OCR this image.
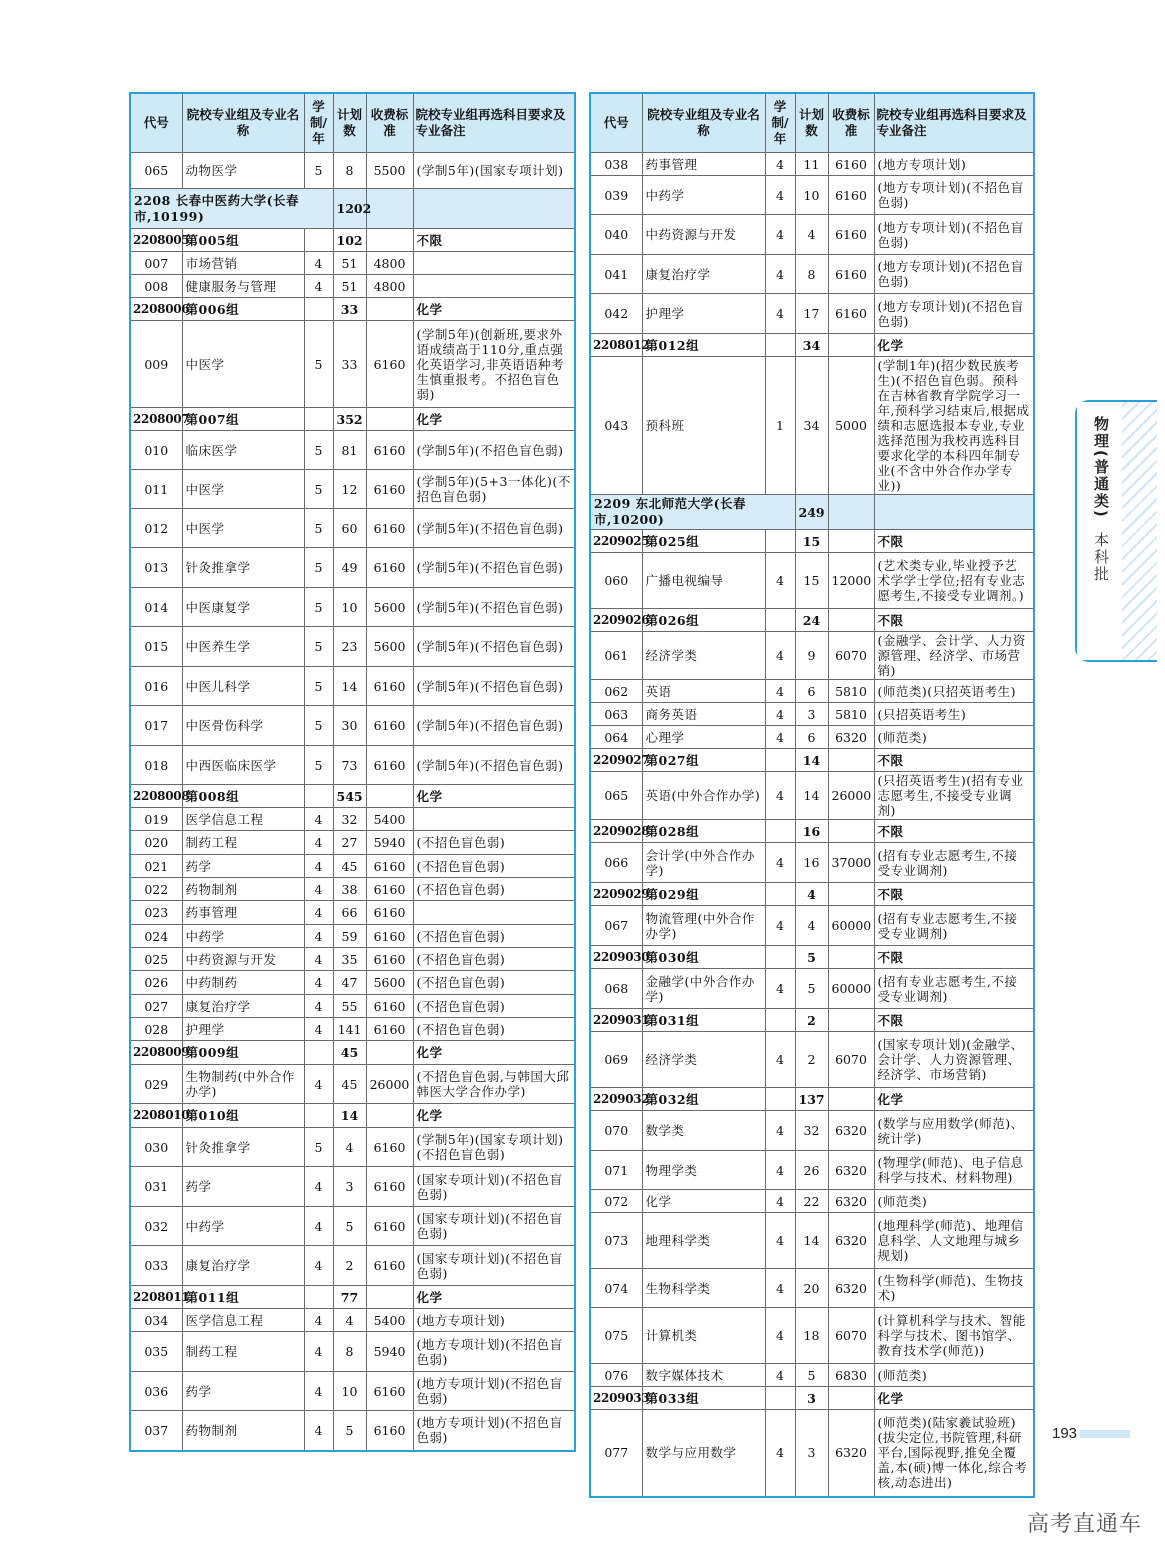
代号	院校专业组及专业名称	学制/年	计划数	收费标准	院校专业组再选科目要求及专业备注
065	动物医学	5	8	5500	(学制5年)(国家专项计划)
2208 长春中医药大学(长春市,10199)			1202		
2208005	第005组		102		不限
007	市场营销	4	51	4800	
008	健康服务与管理	4	51	4800	
2208006	第006组		33		化学
009	中医学	5	33	6160	(学制5年)(创新班,要求外语成绩高于110分,重点强化英语学习,非英语语种考生慎重报考。不招色盲色弱)
2208007	第007组		352		化学
010	临床医学	5	81	6160	(学制5年)(不招色盲色弱)
011	中医学	5	12	6160	(学制5年)(5+3一体化)(不招色盲色弱)
012	中医学	5	60	6160	(学制5年)(不招色盲色弱)
013	针灸推拿学	5	49	6160	(学制5年)(不招色盲色弱)
014	中医康复学	5	10	5600	(学制5年)(不招色盲色弱)
015	中医养生学	5	23	5600	(学制5年)(不招色盲色弱)
016	中医儿科学	5	14	6160	(学制5年)(不招色盲色弱)
017	中医骨伤科学	5	30	6160	(学制5年)(不招色盲色弱)
018	中西医临床医学	5	73	6160	(学制5年)(不招色盲色弱)
2208008	第008组		545		化学
019	医学信息工程	4	32	5400	
020	制药工程	4	27	5940	(不招色盲色弱)
021	药学	4	45	6160	(不招色盲色弱)
022	药物制剂	4	38	6160	(不招色盲色弱)
023	药事管理	4	66	6160	
024	中药学	4	59	6160	(不招色盲色弱)
025	中药资源与开发	4	35	6160	(不招色盲色弱)
026	中药制药	4	47	5600	(不招色盲色弱)
027	康复治疗学	4	55	6160	(不招色盲色弱)
028	护理学	4	141	6160	(不招色盲色弱)
2208009	第009组		45		化学
029	生物制药(中外合作办学)	4	45	26000	(不招色盲色弱,与韩国大邱韩医大学合作办学)
2208010	第010组		14		化学
030	针灸推拿学	5	4	6160	(学制5年)(国家专项计划)(不招色盲色弱)
031	药学	4	3	6160	(国家专项计划)(不招色盲色弱)
032	中药学	4	5	6160	(国家专项计划)(不招色盲色弱)
033	康复治疗学	4	2	6160	(国家专项计划)(不招色盲色弱)
2208011	第011组		77		化学
034	医学信息工程	4	4	5400	(地方专项计划)
035	制药工程	4	8	5940	(地方专项计划)(不招色盲色弱)
036	药学	4	10	6160	(地方专项计划)(不招色盲色弱)
037	药物制剂	4	5	6160	(地方专项计划)(不招色盲色弱)
代号	院校专业组及专业名称	学制/年	计划数	收费标准	院校专业组再选科目要求及专业备注
038	药事管理	4	11	6160	(地方专项计划)
039	中药学	4	10	6160	(地方专项计划)(不招色盲色弱)
040	中药资源与开发	4	4	6160	(地方专项计划)(不招色盲色弱)
041	康复治疗学	4	8	6160	(地方专项计划)(不招色盲色弱)
042	护理学	4	17	6160	(地方专项计划)(不招色盲色弱)
2208012	第012组		34		化学
043	预科班	1	34	5000	(学制1年)(招少数民族考生)(不招色盲色弱。预科在吉林省教育学院学习一年,预科学习结束后,根据成绩和志愿选报本专业,专业选择范围为我校再选科目要求化学的本科四年制专业(不含中外合作办学专业))
2209 东北师范大学(长春市,10200)			249		
2209025	第025组		15		不限
060	广播电视编导	4	15	12000	(艺术类专业,毕业授予艺术学学士学位;招有专业志愿考生,不接受专业调剂。)
2209026	第026组		24		不限
061	经济学类	4	9	6070	(金融学、会计学、人力资源管理、经济学、市场营销)
062	英语	4	6	5810	(师范类)(只招英语考生)
063	商务英语	4	3	5810	(只招英语考生)
064	心理学	4	6	6320	(师范类)
2209027	第027组		14		不限
065	英语(中外合作办学)	4	14	26000	(只招英语考生)(招有专业志愿考生,不接受专业调剂)
2209028	第028组		16		不限
066	会计学(中外合作办学)	4	16	37000	(招有专业志愿考生,不接受专业调剂)
2209029	第029组		4		不限
067	物流管理(中外合作办学)	4	4	60000	(招有专业志愿考生,不接受专业调剂)
2209030	第030组		5		不限
068	金融学(中外合作办学)	4	5	60000	(招有专业志愿考生,不接受专业调剂)
2209031	第031组		2		不限
069	经济学类	4	2	6070	(国家专项计划)(金融学、会计学、人力资源管理、经济学、市场营销)
2209032	第032组		137		化学
070	数学类	4	32	6320	(数学与应用数学(师范)、统计学)
071	物理学类	4	26	6320	(物理学(师范)、电子信息科学与技术、材料物理)
072	化学	4	22	6320	(师范类)
073	地理科学类	4	14	6320	(地理科学(师范)、地理信息科学、人文地理与城乡规划)
074	生物科学类	4	20	6320	(生物科学(师范)、生物技术)
075	计算机类	4	18	6070	(计算机科学与技术、智能科学与技术、图书馆学、教育技术学(师范))
076	数字媒体技术	4	5	6830	(师范类)
2209033	第033组		3		化学
077	数学与应用数学	4	3	6320	(师范类)(陆家羲试验班)(拔尖定位,书院管理,科研平台,国际视野,推免全覆盖,本(硕)博一体化,综合考核,动态进出)
物理(普通类)
本科批
193
高考直通车
